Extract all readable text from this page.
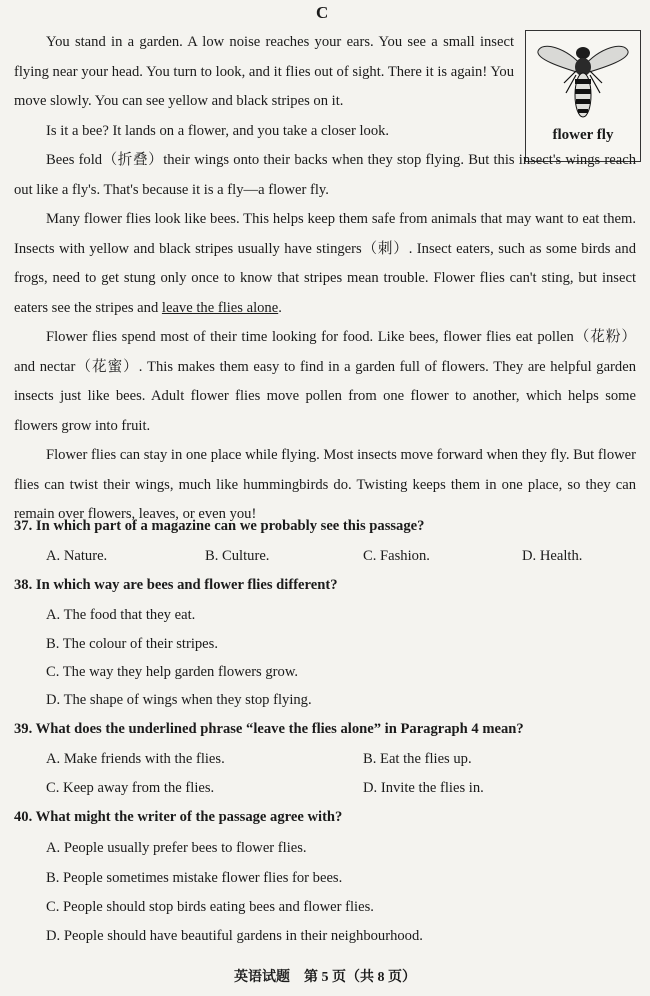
C
flower fly

You stand in a garden. A low noise reaches your ears. You see a small insect flying near your head. You turn to look, and it flies out of sight. There it is again! You move slowly. You can see yellow and black stripes on it.

Is it a bee? It lands on a flower, and you take a closer look.

Bees fold（折叠）their wings onto their backs when they stop flying. But this insect's wings reach out like a fly's. That's because it is a fly—a flower fly.

Many flower flies look like bees. This helps keep them safe from animals that may want to eat them. Insects with yellow and black stripes usually have stingers（刺）. Insect eaters, such as some birds and frogs, need to get stung only once to know that stripes mean trouble. Flower flies can't sting, but insect eaters see the stripes and leave the flies alone.

Flower flies spend most of their time looking for food. Like bees, flower flies eat pollen（花粉）and nectar（花蜜）. This makes them easy to find in a garden full of flowers. They are helpful garden insects just like bees. Adult flower flies move pollen from one flower to another, which helps some flowers grow into fruit.

Flower flies can stay in one place while flying. Most insects move forward when they fly. But flower flies can twist their wings, much like hummingbirds do. Twisting keeps them in one place, so they can remain over flowers, leaves, or even you!

37. In which part of a magazine can we probably see this passage?
A. Nature.	B. Culture.	C. Fashion.	D. Health.
38. In which way are bees and flower flies different?
A. The food that they eat.
B. The colour of their stripes.
C. The way they help garden flowers grow.
D. The shape of wings when they stop flying.
39. What does the underlined phrase “leave the flies alone” in Paragraph 4 mean?
A. Make friends with the flies.	B. Eat the flies up.
C. Keep away from the flies.	D. Invite the flies in.
40. What might the writer of the passage agree with?
A. People usually prefer bees to flower flies.
B. People sometimes mistake flower flies for bees.
C. People should stop birds eating bees and flower flies.
D. People should have beautiful gardens in their neighbourhood.
英语试题　第 5 页（共 8 页）
